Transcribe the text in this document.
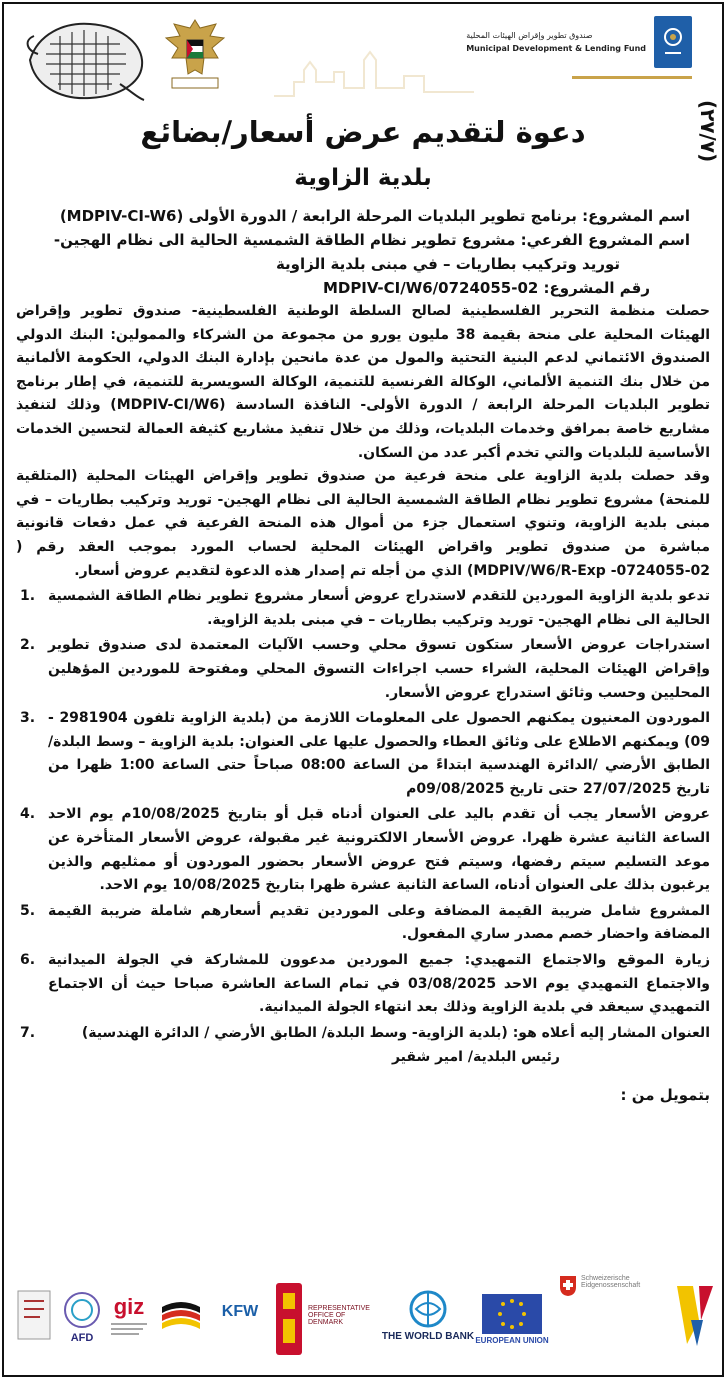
صندوق تطوير وإقراض الهيئات المحلية
Municipal Development & Lending Fund
(٢٧/٧)
دعوة لتقديم عرض أسعار/بضائع
بلدية الزاوية
اسم المشروع: برنامج تطوير البلديات المرحلة الرابعة / الدورة الأولى (MDPIV-CI-W6)
اسم المشروع الفرعي: مشروع تطوير نظام الطاقة الشمسية الحالية الى نظام الهجين-
توريد وتركيب بطاريات – في مبنى بلدية الزاوية
رقم المشروع: MDPIV-CI/W6/0724055-02

حصلت منظمة التحرير الفلسطينية لصالح السلطة الوطنية الفلسطينية- صندوق تطوير وإقراض الهيئات المحلية على منحة بقيمة 38 مليون يورو من مجموعة من الشركاء والممولين: البنك الدولي الصندوق الائتماني لدعم البنية التحتية والمول من عدة مانحين بإدارة البنك الدولي، الحكومة الألمانية من خلال بنك التنمية الألماني، الوكالة الفرنسية للتنمية، الوكالة السويسرية للتنمية، في إطار برنامج تطوير البلديات المرحلة الرابعة / الدورة الأولى- النافذة السادسة (MDPIV-CI/W6) وذلك لتنفيذ مشاريع خاصة بمرافق وخدمات البلديات، وذلك من خلال تنفيذ مشاريع كثيفة العمالة لتحسين الخدمات الأساسية للبلديات والتي تخدم أكبر عدد من السكان.

وقد حصلت بلدية الزاوية على منحة فرعية من صندوق تطوير وإقراض الهيئات المحلية (المتلقية للمنحة) مشروع تطوير نظام الطاقة الشمسية الحالية الى نظام الهجين- توريد وتركيب بطاريات – في مبنى بلدية الزاوية، وتنوي استعمال جزء من أموال هذه المنحة الفرعية في عمل دفعات قانونية مباشرة من صندوق تطوير واقراض الهيئات المحلية لحساب المورد بموجب العقد رقم ( MDPIV/W6/R-Exp -0724055-02) الذي من أجله تم إصدار هذه الدعوة لتقديم عروض أسعار.

تدعو بلدية الزاوية الموردين للتقدم لاستدراج عروض أسعار مشروع تطوير نظام الطاقة الشمسية الحالية الى نظام الهجين- توريد وتركيب بطاريات – في مبنى بلدية الزاوية.
1.
استدراجات عروض الأسعار ستكون تسوق محلي وحسب الآليات المعتمدة لدى صندوق تطوير وإقراض الهيئات المحلية، الشراء حسب اجراءات التسوق المحلي ومفتوحة للموردين المؤهلين المحليين وحسب وثائق استدراج عروض الأسعار.
2.
الموردون المعنيون يمكنهم الحصول على المعلومات اللازمة من (بلدية الزاوية تلفون 2981904 - 09) ويمكنهم الاطلاع على وثائق العطاء والحصول عليها على العنوان: بلدية الزاوية – وسط البلدة/ الطابق الأرضي /الدائرة الهندسية ابتداءً من الساعة 08:00 صباحاً حتى الساعة 1:00 ظهرا من تاريخ 27/07/2025 حتى تاريخ 09/08/2025م
3.
عروض الأسعار يجب أن تقدم باليد على العنوان أدناه قبل أو بتاريخ 10/08/2025م يوم الاحد الساعة الثانية عشرة ظهرا. عروض الأسعار الالكترونية غير مقبولة، عروض الأسعار المتأخرة عن موعد التسليم سيتم رفضها، وسيتم فتح عروض الأسعار بحضور الموردون أو ممثليهم والذين يرغبون بذلك على العنوان أدناه، الساعة الثانية عشرة ظهرا بتاريخ 10/08/2025 يوم الاحد.
4.
المشروع شامل ضريبة القيمة المضافة وعلى الموردين تقديم أسعارهم شاملة ضريبة القيمة المضافة واحضار خصم مصدر ساري المفعول.
5.
زيارة الموقع والاجتماع التمهيدي: جميع الموردين مدعوون للمشاركة في الجولة الميدانية والاجتماع التمهيدي يوم الاحد 03/08/2025 في تمام الساعة العاشرة صباحا حيث أن الاجتماع التمهيدي سيعقد في بلدية الزاوية وذلك بعد انتهاء الجولة الميدانية.
6.
العنوان المشار إليه أعلاه هو: (بلدية الزاوية- وسط البلدة/ الطابق الأرضي / الدائرة الهندسية)
7.
رئيس البلدية/ امير شقير
بتمويل من :
AFD
giz	KFW	REPRESENTATIVE OFFICE OF DENMARK
THE WORLD BANK EUROPEAN UNION
Schweizerische Eidgenossenschaft
